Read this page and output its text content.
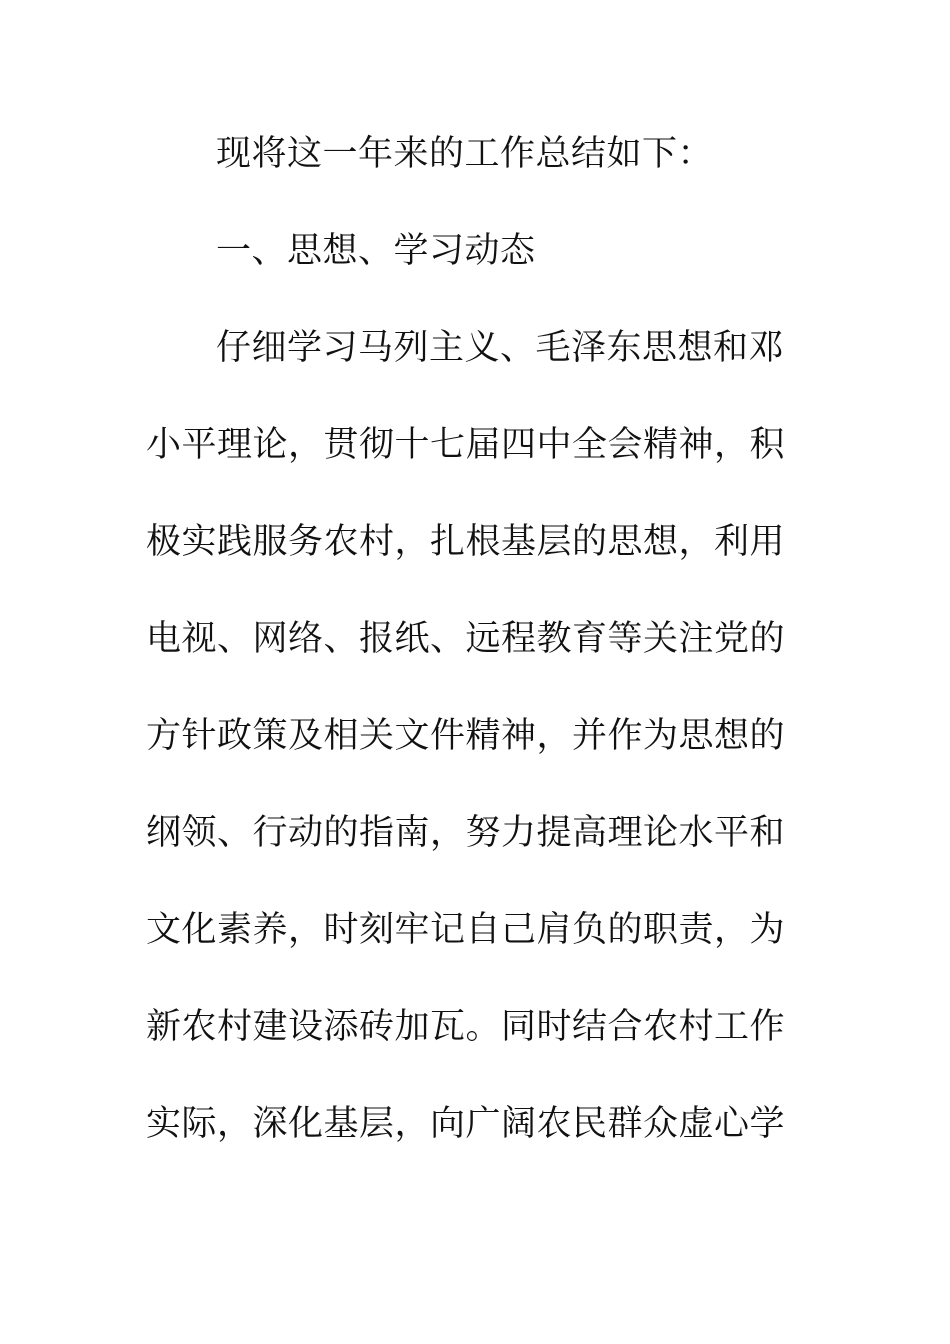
现将这一年来的工作总结如下：
一、思想、学习动态
仔细学习马列主义、毛泽东思想和邓
小平理论，贯彻十七届四中全会精神，积
极实践服务农村，扎根基层的思想，利用
电视、网络、报纸、远程教育等关注党的
方针政策及相关文件精神，并作为思想的
纲领、行动的指南，努力提高理论水平和
文化素养，时刻牢记自己肩负的职责，为
新农村建设添砖加瓦。同时结合农村工作
实际，深化基层，向广阔农民群众虚心学
